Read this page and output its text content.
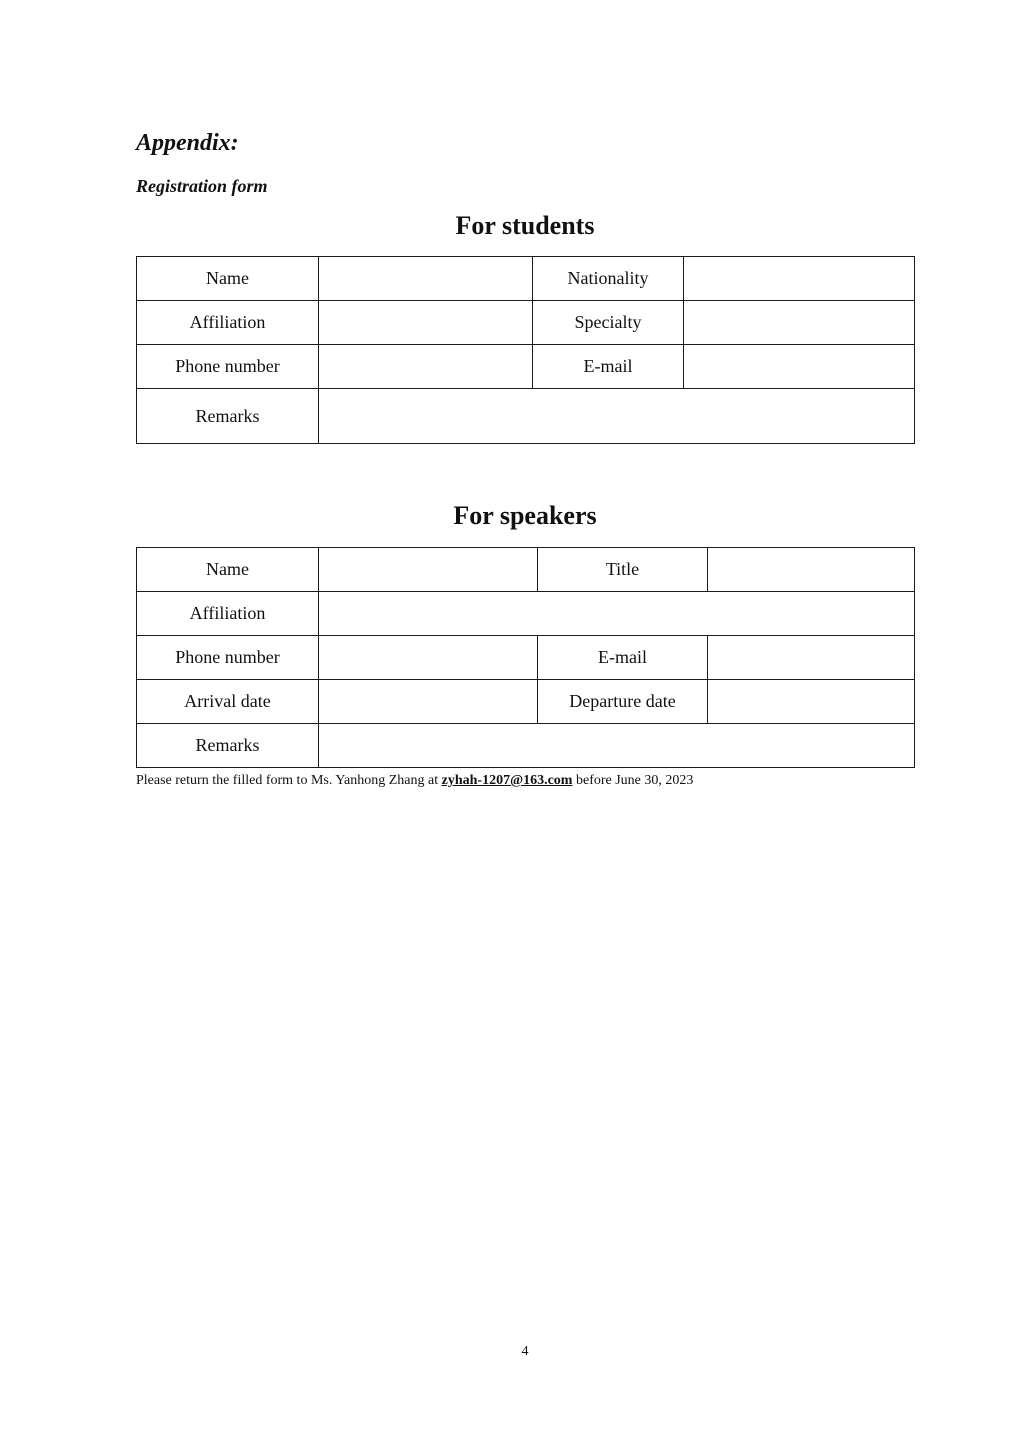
Appendix:
Registration form
For students
Name		Nationality	
Affiliation		Specialty	
Phone number		E-mail	
Remarks			
For speakers
Name		Title	
Affiliation			
Phone number		E-mail	
Arrival date		Departure date	
Remarks			
Please return the filled form to Ms. Yanhong Zhang at zyhah-1207@163.com before June 30, 2023
4
